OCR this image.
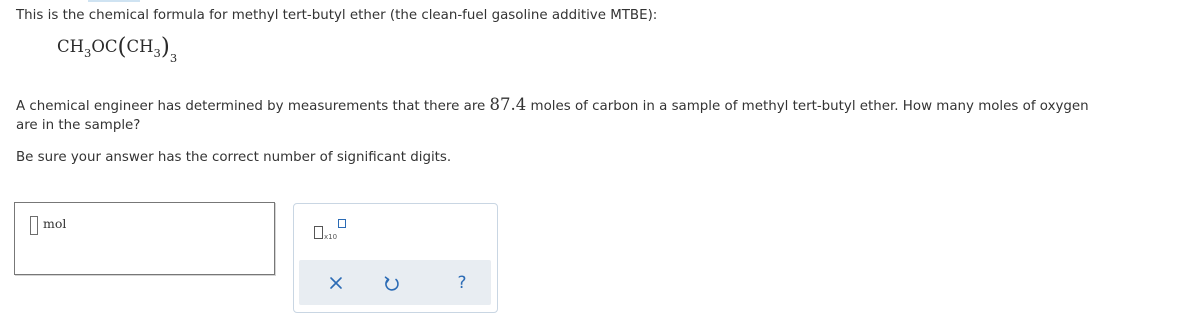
This is the chemical formula for methyl tert-butyl ether (the clean-fuel gasoline additive MTBE):

$CH_3OC(CH_3)_3$

A chemical engineer has determined by measurements that there are 87.4 moles of carbon in a sample of methyl tert-butyl ether. How many moles of oxygen

are in the sample?

Be sure your answer has the correct number of significant digits.

mol
x10
?
